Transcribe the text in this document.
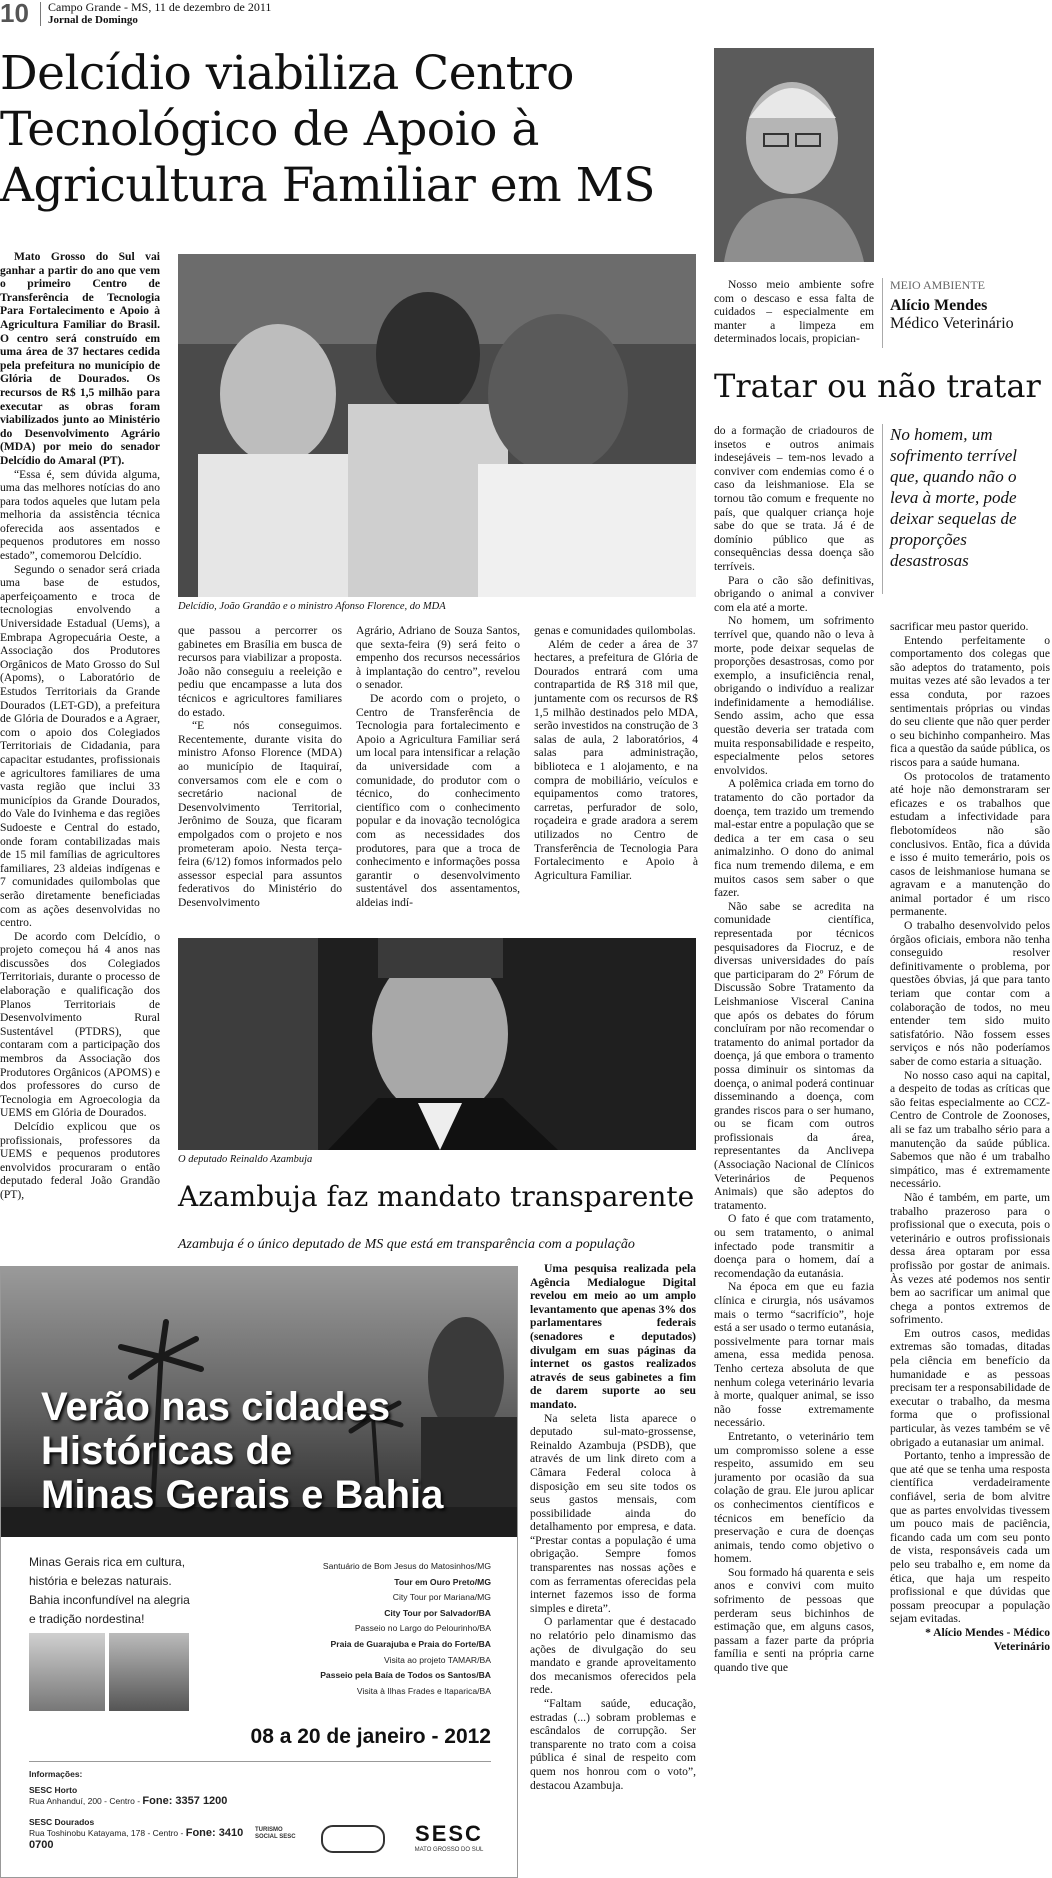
10 Campo Grande - MS, 11 de dezembro de 2011
Jornal de Domingo
Delcídio viabiliza Centro Tecnológico de Apoio à Agricultura Familiar em MS

Mato Grosso do Sul vai ganhar a partir do ano que vem o primeiro Centro de Transferência de Tecnologia Para Fortalecimento e Apoio à Agricultura Familiar do Brasil. O centro será construído em uma área de 37 hectares cedida pela prefeitura no município de Glória de Dourados. Os recursos de R$ 1,5 milhão para executar as obras foram viabilizados junto ao Ministério do Desenvolvimento Agrário (MDA) por meio do senador Delcídio do Amaral (PT).

“Essa é, sem dúvida alguma, uma das melhores notícias do ano para todos aqueles que lutam pela melhoria da assistência técnica oferecida aos assentados e pequenos produtores em nosso estado”, comemorou Delcídio.

Segundo o senador será criada uma base de estudos, aperfeiçoamento e troca de tecnologias envolvendo a Universidade Estadual (Uems), a Embrapa Agropecuária Oeste, a Associação dos Produtores Orgânicos de Mato Grosso do Sul (Apoms), o Laboratório de Estudos Territoriais da Grande Dourados (LET-GD), a prefeitura de Glória de Dourados e a Agraer, com o apoio dos Colegiados Territoriais de Cidadania, para capacitar estudantes, profissionais e agricultores familiares de uma vasta região que inclui 33 municípios da Grande Dourados, do Vale do Ivinhema e das regiões Sudoeste e Central do estado, onde foram contabilizadas mais de 15 mil famílias de agricultores familiares, 23 aldeias indígenas e 7 comunidades quilombolas que serão diretamente beneficiadas com as ações desenvolvidas no centro.

De acordo com Delcídio, o projeto começou há 4 anos nas discussões dos Colegiados Territoriais, durante o processo de elaboração e qualificação dos Planos Territoriais de Desenvolvimento Rural Sustentável (PTDRS), que contaram com a participação dos membros da Associação dos Produtores Orgânicos (APOMS) e dos professores do curso de Tecnologia em Agroecologia da UEMS em Glória de Dourados.

Delcídio explicou que os profissionais, professores da UEMS e pequenos produtores envolvidos procuraram o então deputado federal João Grandão (PT),

Delcídio, João Grandão e o ministro Afonso Florence, do MDA

que passou a percorrer os gabinetes em Brasília em busca de recursos para viabilizar a proposta. João não conseguiu a reeleição e pediu que encampasse a luta dos técnicos e agricultores familiares do estado.

“E nós conseguimos. Recentemente, durante visita do ministro Afonso Florence (MDA) ao município de Itaquiraí, conversamos com ele e com o secretário nacional de Desenvolvimento Territorial, Jerônimo de Souza, que ficaram empolgados com o projeto e nos prometeram apoio. Nesta terça-feira (6/12) fomos informados pelo assessor especial para assuntos federativos do Ministério do Desenvolvimento

Agrário, Adriano de Souza Santos, que sexta-feira (9) será feito o empenho dos recursos necessários à implantação do centro”, revelou o senador.

De acordo com o projeto, o Centro de Transferência de Tecnologia para fortalecimento e Apoio a Agricultura Familiar será um local para intensificar a relação da universidade com a comunidade, do produtor com o técnico, do conhecimento científico com o conhecimento popular e da inovação tecnológica com as necessidades dos produtores, para que a troca de conhecimento e informações possa garantir o desenvolvimento sustentável dos assentamentos, aldeias indí-

genas e comunidades quilombolas.

Além de ceder a área de 37 hectares, a prefeitura de Glória de Dourados entrará com uma contrapartida de R$ 318 mil que, juntamente com os recursos de R$ 1,5 milhão destinados pelo MDA, serão investidos na construção de 3 salas de aula, 2 laboratórios, 4 salas para administração, biblioteca e 1 alojamento, e na compra de mobiliário, veículos e equipamentos como tratores, carretas, perfurador de solo, roçadeira e grade aradora a serem utilizados no Centro de Transferência de Tecnologia Para Fortalecimento e Apoio à Agricultura Familiar.

O deputado Reinaldo Azambuja
Azambuja faz mandato transparente
Azambuja é o único deputado de MS que está em transparência com a população

Uma pesquisa realizada pela Agência Medialogue Digital revelou em meio ao um amplo levantamento que apenas 3% dos parlamentares federais (senadores e deputados) divulgam em suas páginas da internet os gastos realizados através de seus gabinetes a fim de darem suporte ao seu mandato.

Na seleta lista aparece o deputado sul-mato-grossense, Reinaldo Azambuja (PSDB), que através de um link direto com a Câmara Federal coloca à disposição em seu site todos os seus gastos mensais, com possibilidade ainda do detalhamento por empresa, e data. “Prestar contas a população é uma obrigação. Sempre fomos transparentes nas nossas ações e com as ferramentas oferecidas pela internet fazemos isso de forma simples e direta”.

O parlamentar que é destacado no relatório pelo dinamismo das ações de divulgação do seu mandato e grande aproveitamento dos mecanismos oferecidos pela rede.

“Faltam saúde, educação, estradas (...) sobram problemas e escândalos de corrupção. Ser transparente no trato com a coisa pública é sinal de respeito com quem nos honrou com o voto”, destacou Azambuja.

Verão nas cidades
Históricas de
Minas Gerais e Bahia
Minas Gerais rica em cultura, história e belezas naturais. Bahia inconfundível na alegria e tradição nordestina!
Santuário de Bom Jesus do Matosinhos/MG
Tour em Ouro Preto/MG
City Tour por Mariana/MG
City Tour por Salvador/BA
Passeio no Largo do Pelourinho/BA
Praia de Guarajuba e Praia do Forte/BA
Visita ao projeto TAMAR/BA
Passeio pela Baía de Todos os Santos/BA
Visita à Ilhas Frades e Itaparica/BA
08 a 20 de janeiro - 2012
Informações:
SESC Horto
Rua Anhanduí, 200 - Centro - Fone: 3357 1200
SESC Dourados
Rua Toshinobu Katayama, 178 - Centro - Fone: 3410 0700
TURISMO SOCIAL SESC	SESC
MATO GROSSO DO SUL

Nosso meio ambiente sofre com o descaso e essa falta de cuidados – especialmente em manter a limpeza em determinados locais, propician-

MEIO AMBIENTE
Alício Mendes
Médico Veterinário
Tratar ou não tratar

do a formação de criadouros de insetos e outros animais indesejáveis – tem-nos levado a conviver com endemias como é o caso da leishmaniose. Ela se tornou tão comum e frequente no país, que qualquer criança hoje sabe do que se trata. Já é de domínio público que as consequências dessa doença são terríveis.

Para o cão são definitivas, obrigando o animal a conviver com ela até a morte.

No homem, um sofrimento terrível que, quando não o leva à morte, pode deixar sequelas de proporções desastrosas, como por exemplo, a insuficiência renal, obrigando o indivíduo a realizar indefinidamente a hemodiálise. Sendo assim, acho que essa questão deveria ser tratada com muita responsabilidade e respeito, especialmente pelos setores envolvidos.

A polêmica criada em torno do tratamento do cão portador da doença, tem trazido um tremendo mal-estar entre a população que se dedica a ter em casa o seu animalzinho. O dono do animal fica num tremendo dilema, e em muitos casos sem saber o que fazer.

Não sabe se acredita na comunidade científica, representada por técnicos pesquisadores da Fiocruz, e de diversas universidades do país que participaram do 2º Fórum de Discussão Sobre Tratamento da Leishmaniose Visceral Canina que após os debates do fórum concluíram por não recomendar o tratamento do animal portador da doença, já que embora o tramento possa diminuir os sintomas da doença, o animal poderá continuar disseminando a doença, com grandes riscos para o ser humano, ou se ficam com outros profissionais da área, representantes da Anclivepa (Associação Nacional de Clínicos Veterinários de Pequenos Animais) que são adeptos do tratamento.

O fato é que com tratamento, ou sem tratamento, o animal infectado pode transmitir a doença para o homem, daí a recomendação da eutanásia.

Na época em que eu fazia clínica e cirurgia, nós usávamos mais o termo “sacrifício”, hoje está a ser usado o termo eutanásia, possivelmente para tornar mais amena, essa medida penosa. Tenho certeza absoluta de que nenhum colega veterinário levaria à morte, qualquer animal, se isso não fosse extremamente necessário.

Entretanto, o veterinário tem um compromisso solene a esse respeito, assumido em seu juramento por ocasião da sua colação de grau. Ele jurou aplicar os conhecimentos científicos e técnicos em benefício da preservação e cura de doenças animais, tendo como objetivo o homem.

Sou formado há quarenta e seis anos e convivi com muito sofrimento de pessoas que perderam seus bichinhos de estimação que, em alguns casos, passam a fazer parte da própria família e senti na própria carne quando tive que

No homem, um sofrimento terrível que, quando não o leva à morte, pode deixar sequelas de proporções desastrosas

sacrificar meu pastor querido.

Entendo perfeitamente o comportamento dos colegas que são adeptos do tratamento, pois muitas vezes até são levados a ter essa conduta, por razoes sentimentais próprias ou vindas do seu cliente que não quer perder o seu bichinho companheiro. Mas fica a questão da saúde pública, os riscos para a saúde humana.

Os protocolos de tratamento até hoje não demonstraram ser eficazes e os trabalhos que estudam a infectividade para flebotomídeos não são conclusivos. Então, fica a dúvida e isso é muito temerário, pois os casos de leishmaniose humana se agravam e a manutenção do animal portador é um risco permanente.

O trabalho desenvolvido pelos órgãos oficiais, embora não tenha conseguido resolver definitivamente o problema, por questões óbvias, já que para tanto teriam que contar com a colaboração de todos, no meu entender tem sido muito satisfatório. Não fossem esses serviços e nós não poderíamos saber de como estaria a situação.

No nosso caso aqui na capital, a despeito de todas as críticas que são feitas especialmente ao CCZ- Centro de Controle de Zoonoses, ali se faz um trabalho sério para a manutenção da saúde pública. Sabemos que não é um trabalho simpático, mas é extremamente necessário.

Não é também, em parte, um trabalho prazeroso para o profissional que o executa, pois o veterinário e outros profissionais dessa área optaram por essa profissão por gostar de animais. Às vezes até podemos nos sentir bem ao sacrificar um animal que chega a pontos extremos de sofrimento.

Em outros casos, medidas extremas são tomadas, ditadas pela ciência em benefício da humanidade e as pessoas precisam ter a responsabilidade de executar o trabalho, da mesma forma que o profissional particular, às vezes também se vê obrigado a eutanasiar um animal.

Portanto, tenho a impressão de que até que se tenha uma resposta científica verdadeiramente confiável, seria de bom alvitre que as partes envolvidas tivessem um pouco mais de paciência, ficando cada um com seu ponto de vista, responsáveis cada um pelo seu trabalho e, em nome da ética, que haja um respeito profissional e que dúvidas que possam preocupar a população sejam evitadas.

* Alício Mendes - Médico Veterinário
